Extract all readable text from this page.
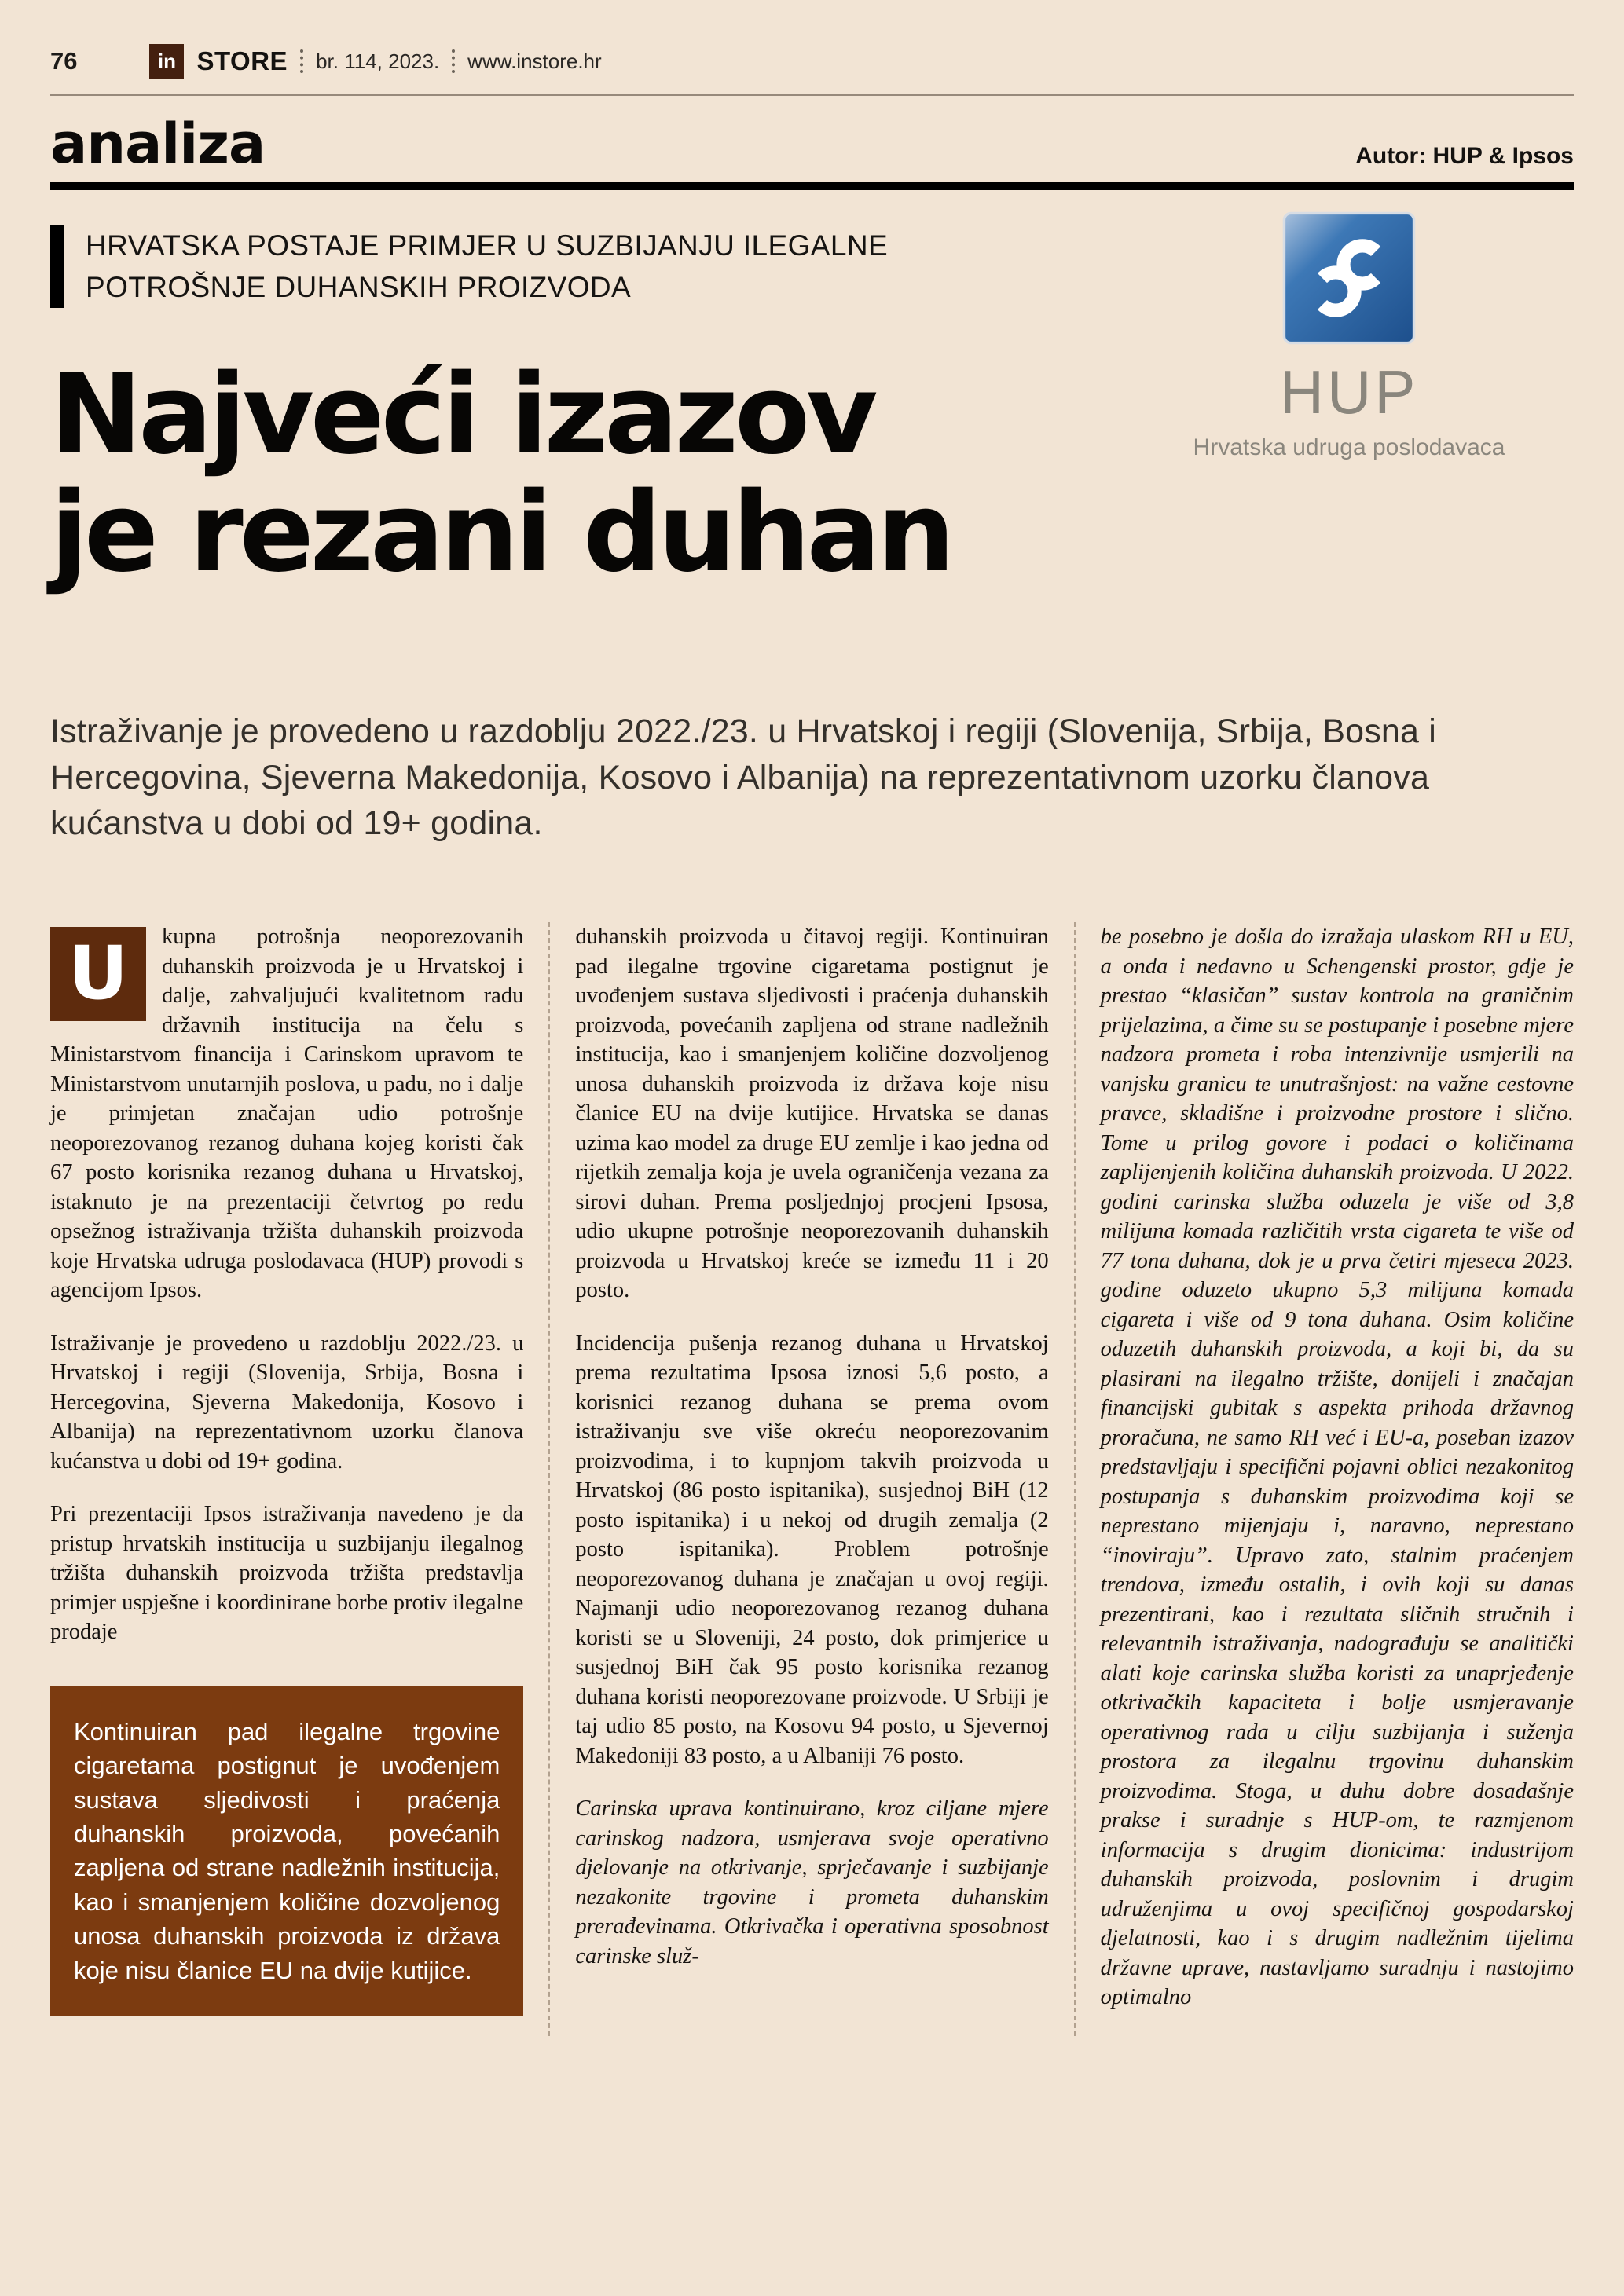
76	in STORE br. 114, 2023. www.instore.hr
analiza	Autor: HUP & Ipsos
HRVATSKA POSTAJE PRIMJER U SUZBIJANJU ILEGALNE
POTROŠNJE DUHANSKIH PROIZVODA
HUP
Hrvatska udruga poslodavaca
Najveći izazov
je rezani duhan

Istraživanje je provedeno u razdoblju 2022./23. u Hrvatskoj i regiji (Slovenija, Srbija, Bosna i Hercegovina, Sjeverna Makedonija, Kosovo i Albanija) na reprezentativnom uzorku članova kućanstva u dobi od 19+ godina.

U	kupna potrošnja neoporezovanih duhanskih proizvoda je u Hrvatskoj i dalje, zahvaljujući kvalitetnom radu državnih institucija na čelu s Ministarstvom financija i Carinskom upravom te Ministarstvom unutarnjih poslova, u padu, no i dalje je primjetan značajan udio potrošnje neoporezovanog rezanog duhana kojeg koristi čak 67 posto korisnika rezanog duhana u Hrvatskoj, istaknuto je na prezentaciji četvrtog po redu opsežnog istraživanja tržišta duhanskih proizvoda koje Hrvatska udruga poslodavaca (HUP) provodi s agencijom Ipsos.

Istraživanje je provedeno u razdoblju 2022./23. u Hrvatskoj i regiji (Slovenija, Srbija, Bosna i Hercegovina, Sjeverna Makedonija, Kosovo i Albanija) na reprezentativnom uzorku članova kućanstva u dobi od 19+ godina.

Pri prezentaciji Ipsos istraživanja navedeno je da pristup hrvatskih institucija u suzbijanju ilegalnog tržišta duhanskih proizvoda tržišta predstavlja primjer uspješne i koordinirane borbe protiv ilegalne prodaje

Kontinuiran pad ilegalne trgovine cigaretama postignut je uvođenjem sustava sljedivosti i praćenja duhanskih proizvoda, povećanih zapljena od strane nadležnih institucija, kao i smanjenjem količine dozvoljenog unosa duhanskih proizvoda iz država koje nisu članice EU na dvije kutijice.

duhanskih proizvoda u čitavoj regiji. Kontinuiran pad ilegalne trgovine cigaretama postignut je uvođenjem sustava sljedivosti i praćenja duhanskih proizvoda, povećanih zapljena od strane nadležnih institucija, kao i smanjenjem količine dozvoljenog unosa duhanskih proizvoda iz država koje nisu članice EU na dvije kutijice. Hrvatska se danas uzima kao model za druge EU zemlje i kao jedna od rijetkih zemalja koja je uvela ograničenja vezana za sirovi duhan. Prema posljednjoj procjeni Ipsosa, udio ukupne potrošnje neoporezovanih duhanskih proizvoda u Hrvatskoj kreće se između 11 i 20 posto.

Incidencija pušenja rezanog duhana u Hrvatskoj prema rezultatima Ipsosa iznosi 5,6 posto, a korisnici rezanog duhana se prema ovom istraživanju sve više okreću neoporezovanim proizvodima, i to kupnjom takvih proizvoda u Hrvatskoj (86 posto ispitanika), susjednoj BiH (12 posto ispitanika) i u nekoj od drugih zemalja (2 posto ispitanika). Problem potrošnje neoporezovanog duhana je značajan u ovoj regiji. Najmanji udio neoporezovanog rezanog duhana koristi se u Sloveniji, 24 posto, dok primjerice u susjednoj BiH čak 95 posto korisnika rezanog duhana koristi neoporezovane proizvode. U Srbiji je taj udio 85 posto, na Kosovu 94 posto, u Sjevernoj Makedoniji 83 posto, a u Albaniji 76 posto.

Carinska uprava kontinuirano, kroz ciljane mjere carinskog nadzora, usmjerava svoje operativno djelovanje na otkrivanje, sprječavanje i suzbijanje nezakonite trgovine i prometa duhanskim prerađevinama. Otkrivačka i operativna sposobnost carinske služ-

be posebno je došla do izražaja ulaskom RH u EU, a onda i nedavno u Schengenski prostor, gdje je prestao “klasičan” sustav kontrola na graničnim prijelazima, a čime su se postupanje i posebne mjere nadzora prometa i roba intenzivnije usmjerili na vanjsku granicu te unutrašnjost: na važne cestovne pravce, skladišne i proizvodne prostore i slično. Tome u prilog govore i podaci o količinama zaplijenjenih količina duhanskih proizvoda. U 2022. godini carinska služba oduzela je više od 3,8 milijuna komada različitih vrsta cigareta te više od 77 tona duhana, dok je u prva četiri mjeseca 2023. godine oduzeto ukupno 5,3 milijuna komada cigareta i više od 9 tona duhana. Osim količine oduzetih duhanskih proizvoda, a koji bi, da su plasirani na ilegalno tržište, donijeli i značajan financijski gubitak s aspekta prihoda državnog proračuna, ne samo RH već i EU-a, poseban izazov predstavljaju i specifični pojavni oblici nezakonitog postupanja s duhanskim proizvodima koji se neprestano mijenjaju i, naravno, neprestano “inoviraju”. Upravo zato, stalnim praćenjem trendova, između ostalih, i ovih koji su danas prezentirani, kao i rezultata sličnih stručnih i relevantnih istraživanja, nadograđuju se analitički alati koje carinska služba koristi za unaprjeđenje otkrivačkih kapaciteta i bolje usmjeravanje operativnog rada u cilju suzbijanja i suženja prostora za ilegalnu trgovinu duhanskim proizvodima. Stoga, u duhu dobre dosadašnje prakse i suradnje s HUP-om, te razmjenom informacija s drugim dionicima: industrijom duhanskih proizvoda, poslovnim i drugim udruženjima u ovoj specifičnoj gospodarskoj djelatnosti, kao i s drugim nadležnim tijelima državne uprave, nastavljamo suradnju i nastojimo optimalno
